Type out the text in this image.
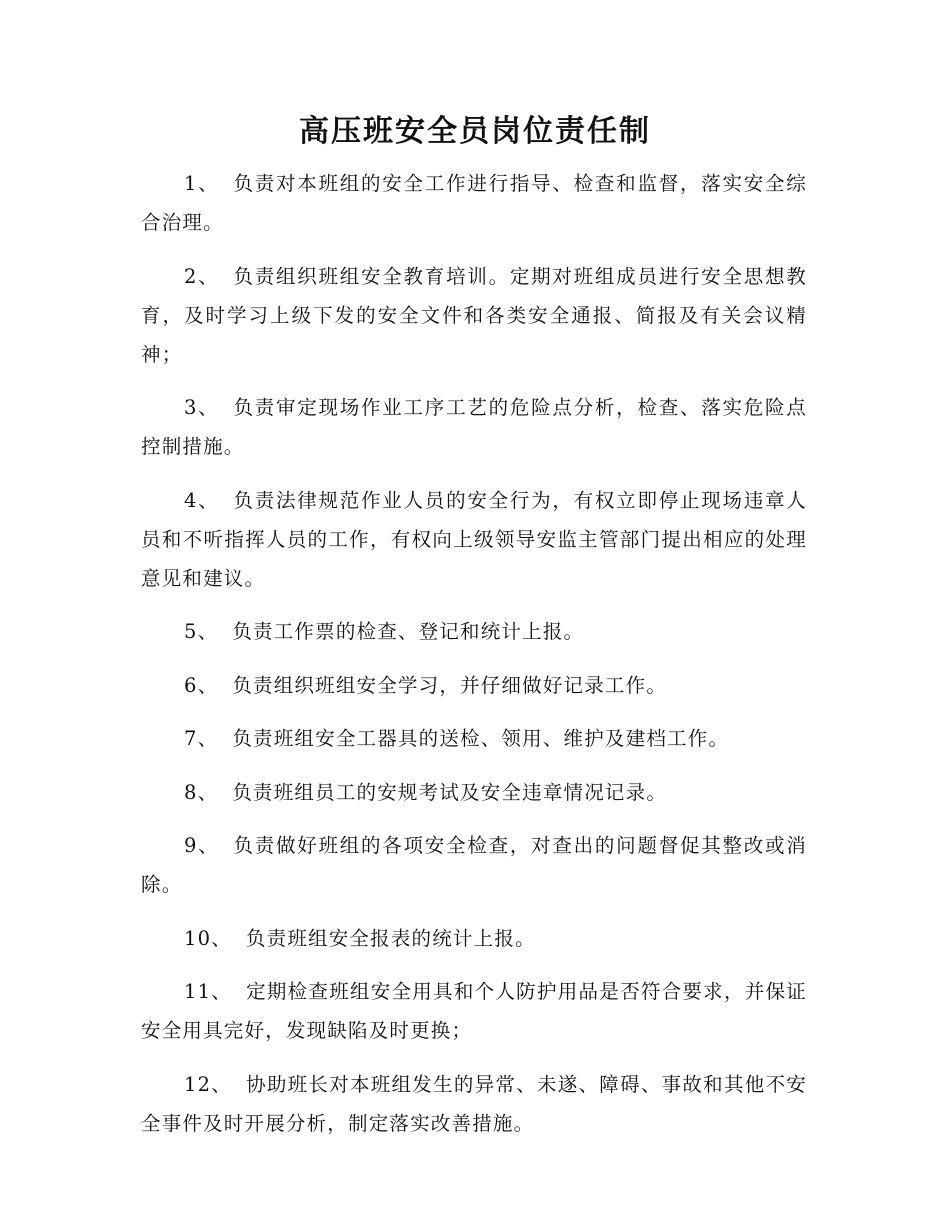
高压班安全员岗位责任制

1、 负责对本班组的安全工作进行指导、检查和监督，落实安全综合治理。

2、 负责组织班组安全教育培训。定期对班组成员进行安全思想教育，及时学习上级下发的安全文件和各类安全通报、简报及有关会议精神；

3、 负责审定现场作业工序工艺的危险点分析，检查、落实危险点控制措施。

4、 负责法律规范作业人员的安全行为，有权立即停止现场违章人员和不听指挥人员的工作，有权向上级领导安监主管部门提出相应的处理意见和建议。

5、 负责工作票的检查、登记和统计上报。

6、 负责组织班组安全学习，并仔细做好记录工作。

7、 负责班组安全工器具的送检、领用、维护及建档工作。

8、 负责班组员工的安规考试及安全违章情况记录。

9、 负责做好班组的各项安全检查，对查出的问题督促其整改或消除。

10、 负责班组安全报表的统计上报。

11、 定期检查班组安全用具和个人防护用品是否符合要求，并保证安全用具完好，发现缺陷及时更换；

12、 协助班长对本班组发生的异常、未遂、障碍、事故和其他不安全事件及时开展分析，制定落实改善措施。
